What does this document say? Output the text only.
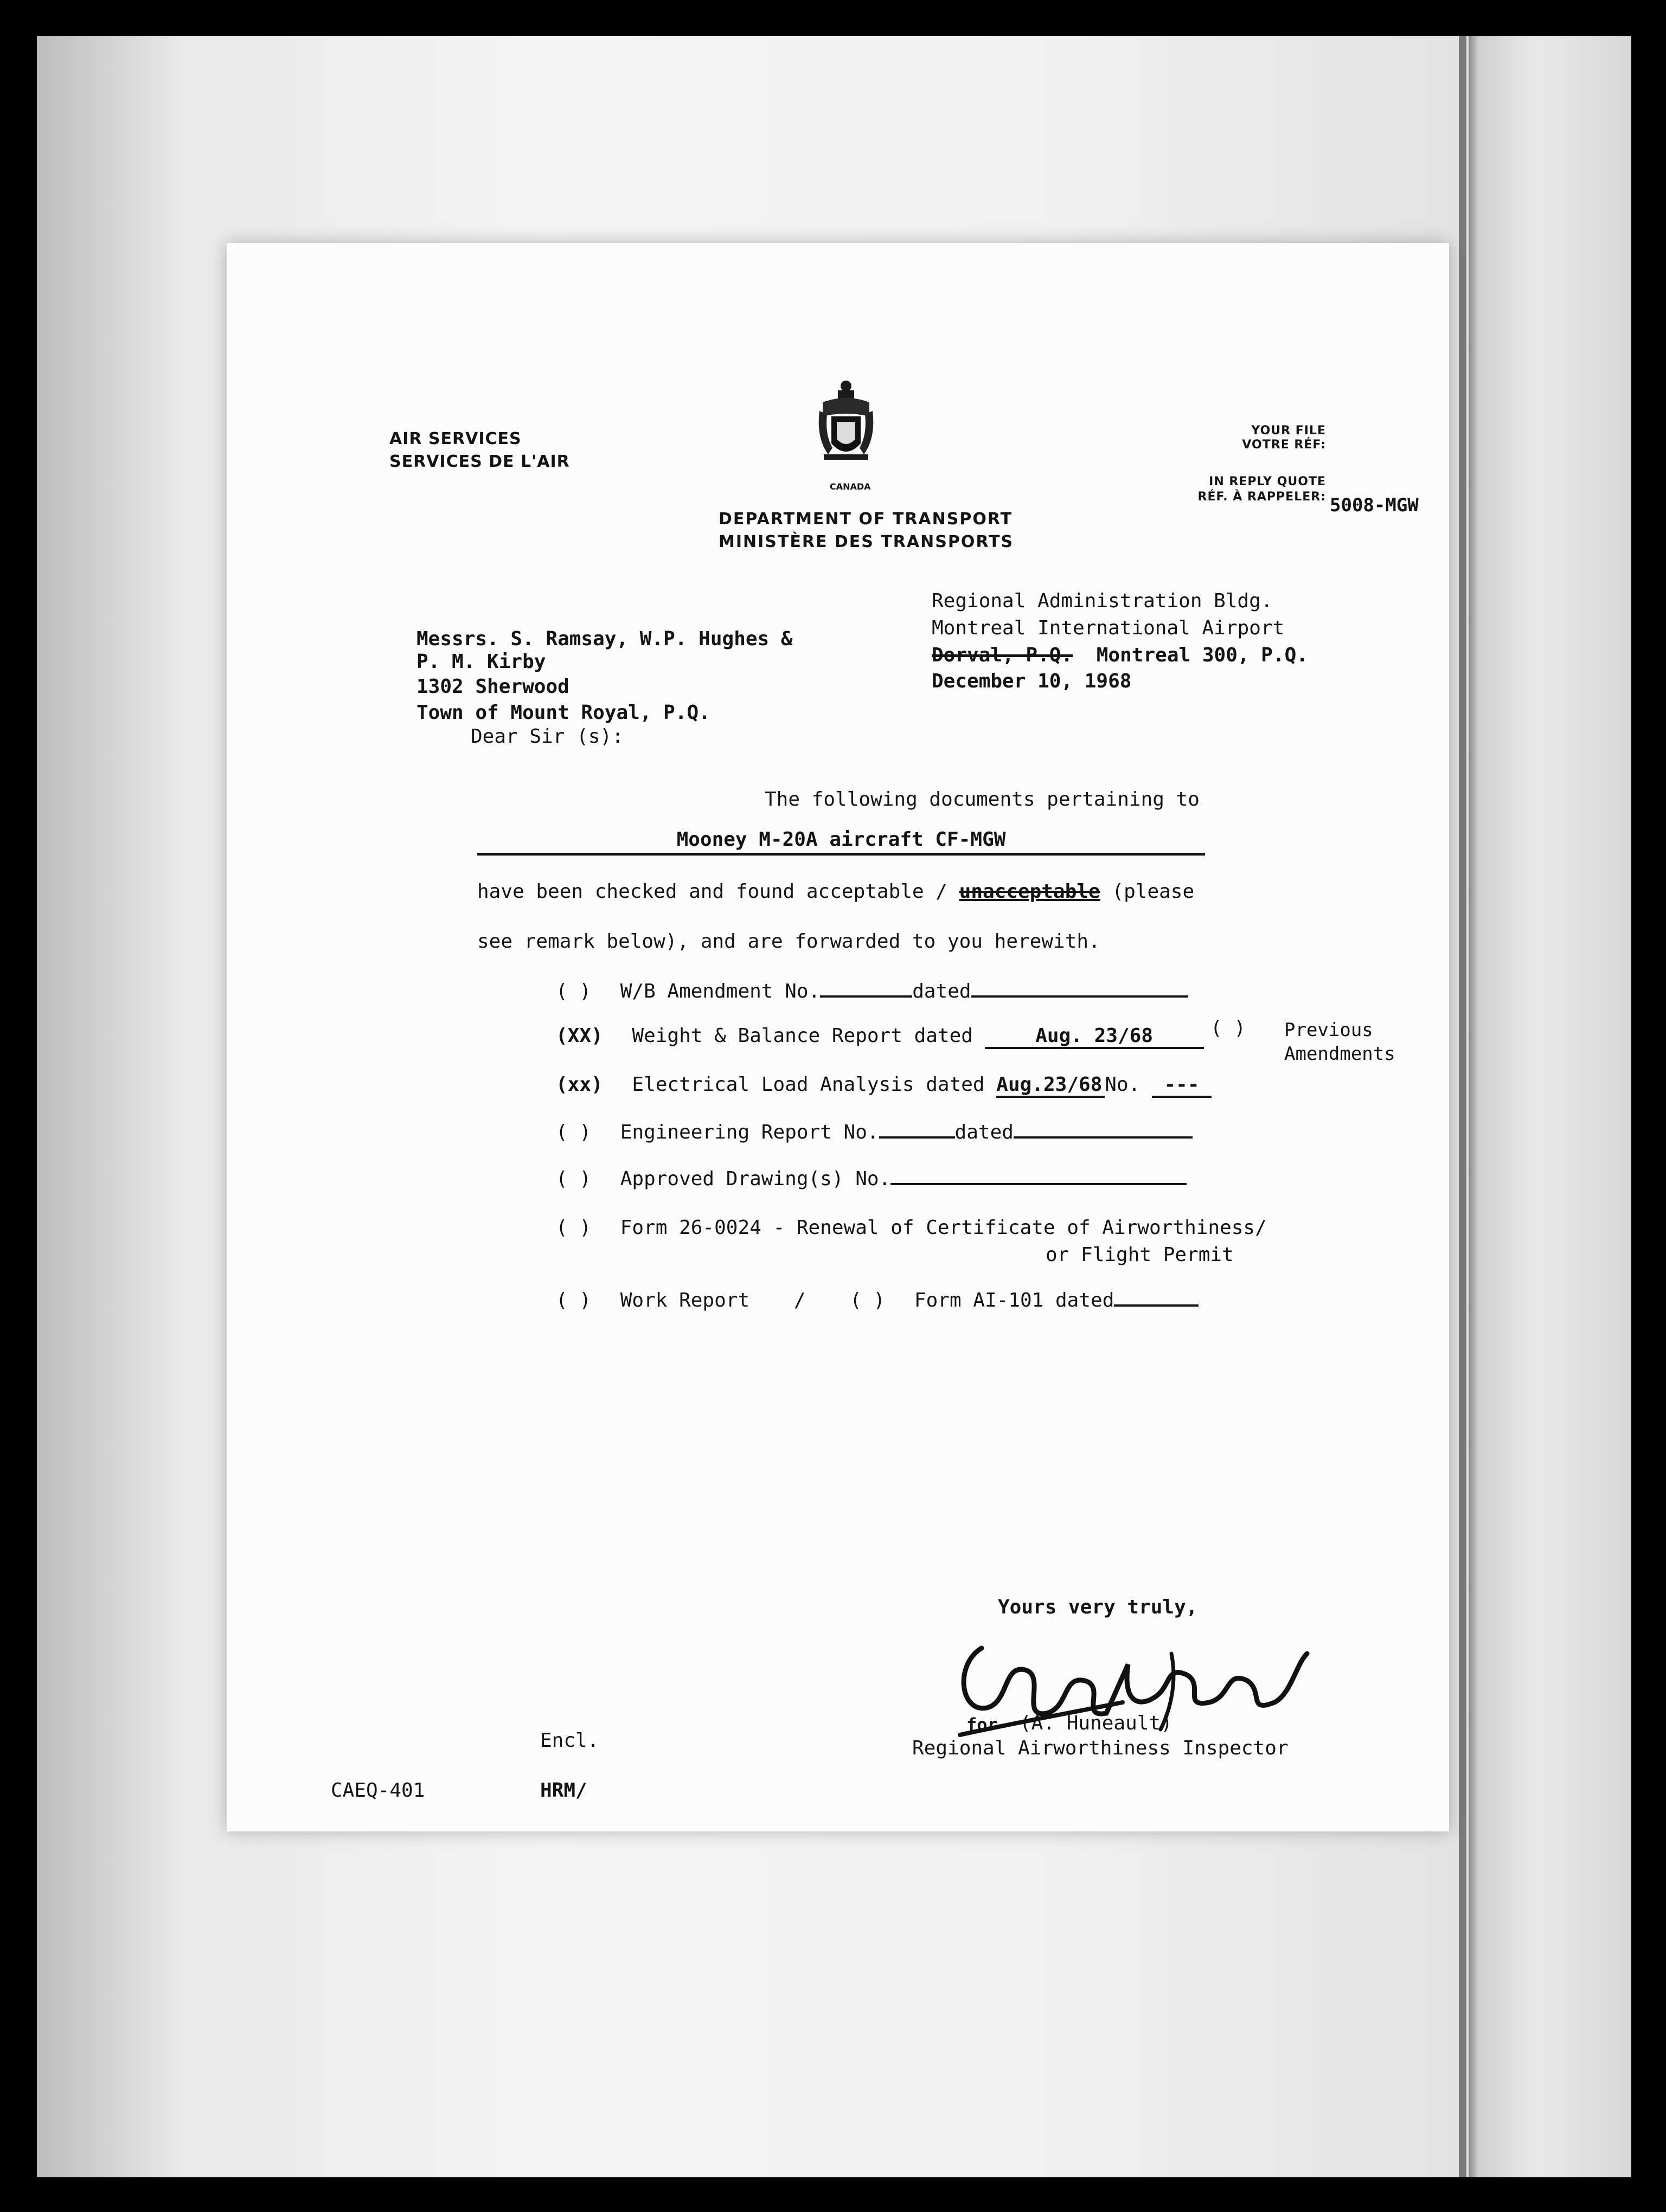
AIR SERVICES
SERVICES DE L'AIR
CANADA
DEPARTMENT OF TRANSPORT
MINISTÈRE DES TRANSPORTS
YOUR FILE
VOTRE RÉF:
IN REPLY QUOTE
RÉF. À RAPPELER: 5008-MGW
Regional Administration Bldg.
Montreal International Airport
Dorval, P.Q. Montreal 300, P.Q.
December 10, 1968
Messrs. S. Ramsay, W.P. Hughes &
P. M. Kirby
1302 Sherwood
Town of Mount Royal, P.Q.
Dear Sir (s):
The following documents pertaining to
Mooney M-20A aircraft CF-MGW
have been checked and found acceptable / unacceptable (please
see remark below), and are forwarded to you herewith.
( ) W/B Amendment No.	dated
(XX) Weight & Balance Report dated	Aug. 23/68	( ) Previous
Amendments
(xx) Electrical Load Analysis dated Aug.23/68 No. ---
( ) Engineering Report No.	dated
( ) Approved Drawing(s) No.
( ) Form 26-0024 - Renewal of Certificate of Airworthiness/
or Flight Permit
( ) Work Report / ( ) Form AI-101 dated
Yours very truly,
for (A. Huneault)
Regional Airworthiness Inspector
Encl.
CAEQ-401	HRM/
